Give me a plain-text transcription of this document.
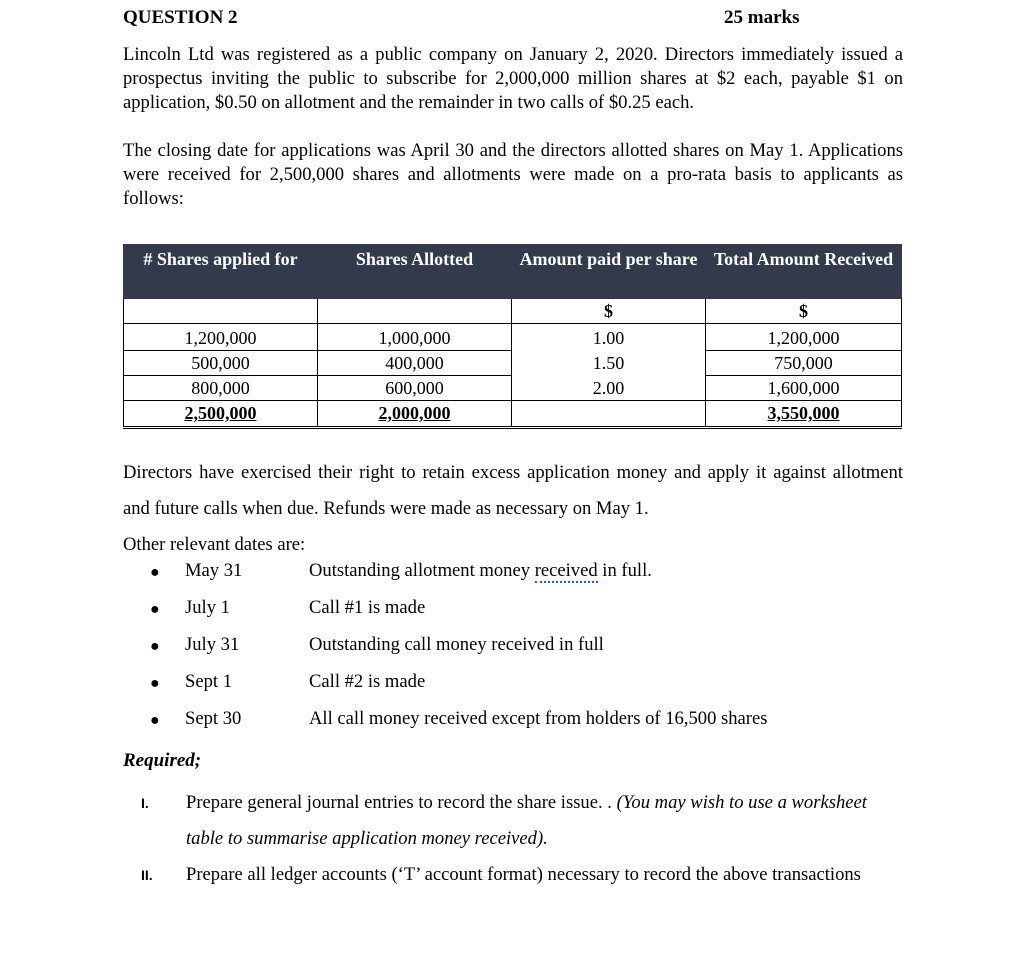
QUESTION 2	25 marks
Lincoln Ltd was registered as a public company on January 2, 2020. Directors immediately issued a prospectus inviting the public to subscribe for 2,000,000 million shares at $2 each, payable $1 on application, $0.50 on allotment and the remainder in two calls of $0.25 each.
The closing date for applications was April 30 and the directors allotted shares on May 1. Applications were received for 2,500,000 shares and allotments were made on a pro-rata basis to applicants as follows:
# Shares applied for	Shares Allotted	Amount paid per share	Total Amount Received
		$	$
1,200,000	1,000,000	1.00	1,200,000
500,000	400,000	1.50	750,000
800,000	600,000	2.00	1,600,000
2,500,000	2,000,000		3,550,000
Directors have exercised their right to retain excess application money and apply it against allotment and future calls when due. Refunds were made as necessary on May 1.
Other relevant dates are:
● May 31	Outstanding allotment money received in full.
● July 1	Call #1 is made
● July 31	Outstanding call money received in full
● Sept 1	Call #2 is made
● Sept 30	All call money received except from holders of 16,500 shares
Required;
I. Prepare general journal entries to record the share issue. . (You may wish to use a worksheet table to summarise application money received).
II. Prepare all ledger accounts (‘T’ account format) necessary to record the above transactions
